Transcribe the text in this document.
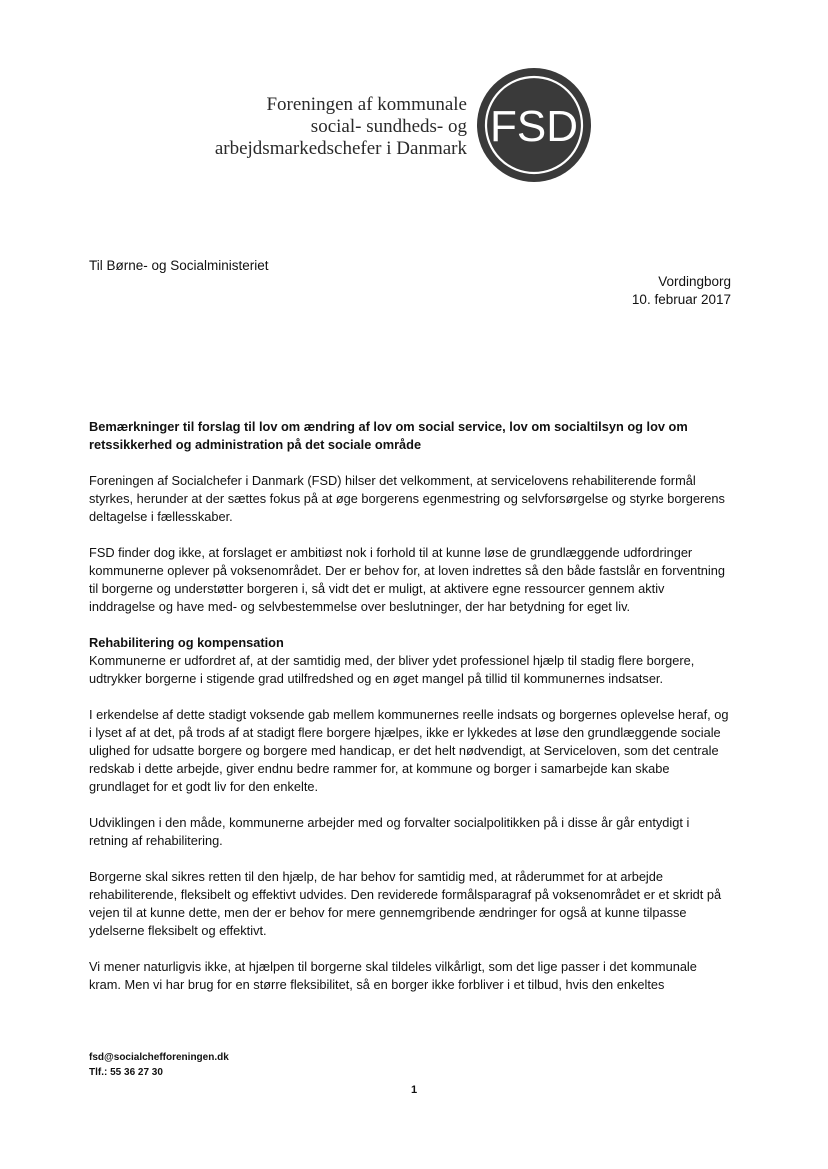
Foreningen af kommunale
social- sundheds- og
arbejdsmarkedschefer i Danmark FSD
Til Børne- og Socialministeriet
Vordingborg
10. februar 2017

Bemærkninger til forslag til lov om ændring af lov om social service, lov om socialtilsyn og lov om retssikkerhed og administration på det sociale område

Foreningen af Socialchefer i Danmark (FSD) hilser det velkomment, at servicelovens rehabiliterende formål styrkes, herunder at der sættes fokus på at øge borgerens egenmestring og selvforsørgelse og styrke borgerens deltagelse i fællesskaber.

FSD finder dog ikke, at forslaget er ambitiøst nok i forhold til at kunne løse de grundlæggende udfordringer kommunerne oplever på voksenområdet. Der er behov for, at loven indrettes så den både fastslår en forventning til borgerne og understøtter borgeren i, så vidt det er muligt, at aktivere egne ressourcer gennem aktiv inddragelse og have med- og selvbestemmelse over beslutninger, der har betydning for eget liv.

Rehabilitering og kompensation

Kommunerne er udfordret af, at der samtidig med, der bliver ydet professionel hjælp til stadig flere borgere, udtrykker borgerne i stigende grad utilfredshed og en øget mangel på tillid til kommunernes indsatser.

I erkendelse af dette stadigt voksende gab mellem kommunernes reelle indsats og borgernes oplevelse heraf, og i lyset af at det, på trods af at stadigt flere borgere hjælpes, ikke er lykkedes at løse den grundlæggende sociale ulighed for udsatte borgere og borgere med handicap, er det helt nødvendigt, at Serviceloven, som det centrale redskab i dette arbejde, giver endnu bedre rammer for, at kommune og borger i samarbejde kan skabe grundlaget for et godt liv for den enkelte.

Udviklingen i den måde, kommunerne arbejder med og forvalter socialpolitikken på i disse år går entydigt i retning af rehabilitering.

Borgerne skal sikres retten til den hjælp, de har behov for samtidig med, at råderummet for at arbejde rehabiliterende, fleksibelt og effektivt udvides. Den reviderede formålsparagraf på voksenområdet er et skridt på vejen til at kunne dette, men der er behov for mere gennemgribende ændringer for også at kunne tilpasse ydelserne fleksibelt og effektivt.

Vi mener naturligvis ikke, at hjælpen til borgerne skal tildeles vilkårligt, som det lige passer i det kommunale kram. Men vi har brug for en større fleksibilitet, så en borger ikke forbliver i et tilbud, hvis den enkeltes

fsd@socialchefforeningen.dk
Tlf.: 55 36 27 30
1
